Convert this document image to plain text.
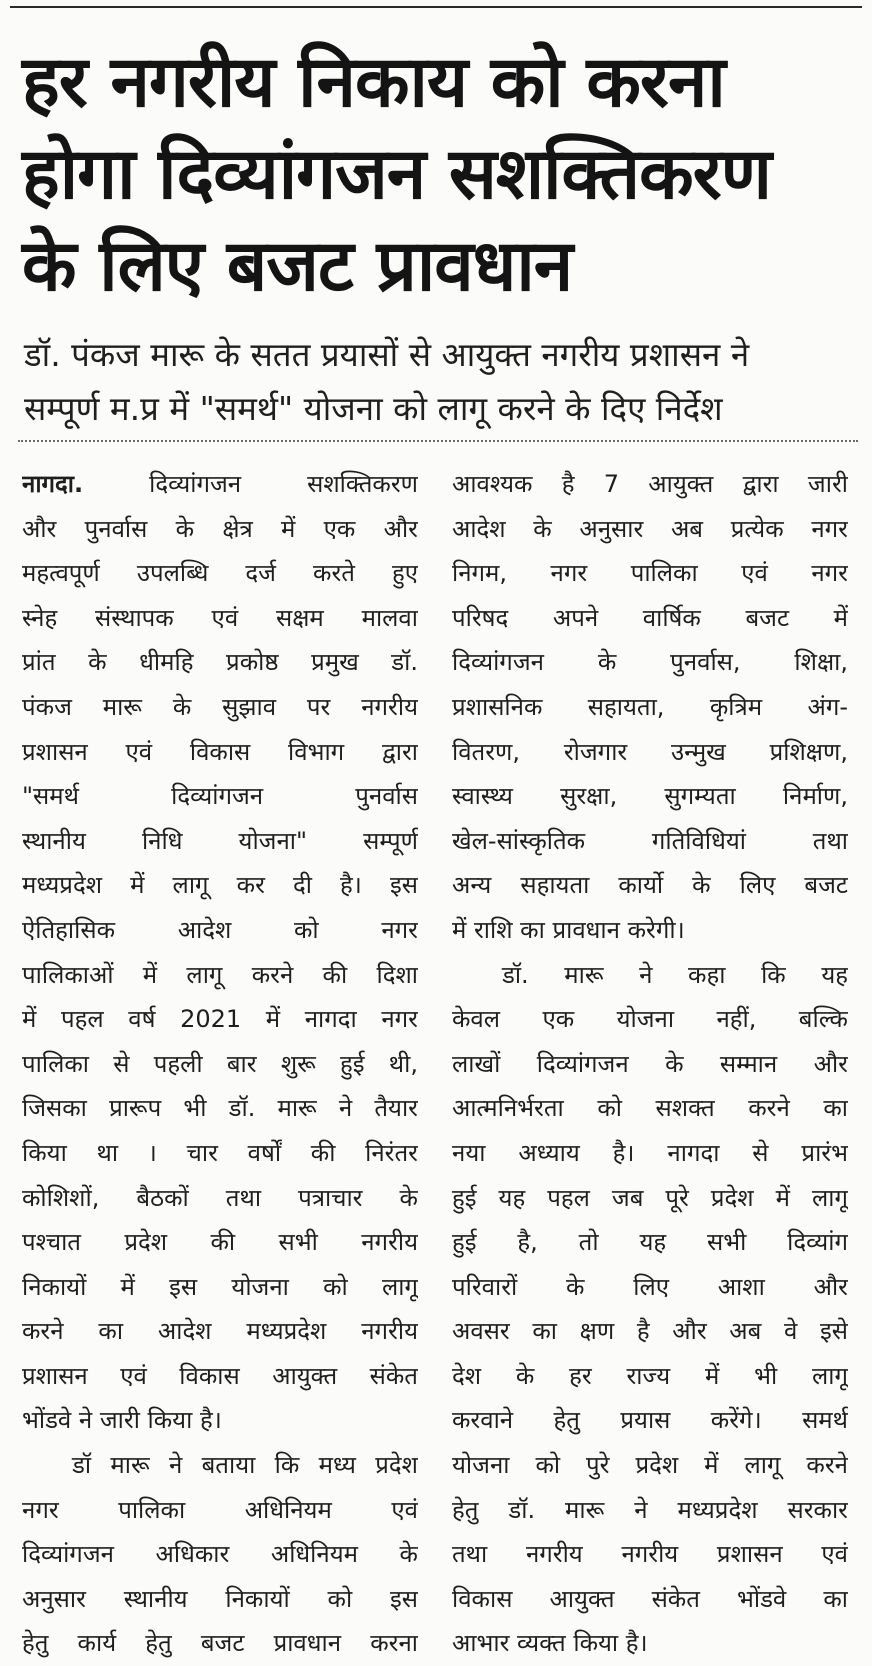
हर नगरीय निकाय को करना
होगा दिव्यांगजन सशक्तिकरण
के लिए बजट प्रावधान
डॉ. पंकज मारू के सतत प्रयासों से आयुक्त नगरीय प्रशासन ने
सम्पूर्ण म.प्र में "समर्थ" योजना को लागू करने के दिए निर्देश
नागदा. दिव्यांगजन सशक्तिकरण
और पुनर्वास के क्षेत्र में एक और
महत्वपूर्ण उपलब्धि दर्ज करते हुए
स्नेह संस्थापक एवं सक्षम मालवा
प्रांत के धीमहि प्रकोष्ठ प्रमुख डॉ.
पंकज मारू के सुझाव पर नगरीय
प्रशासन एवं विकास विभाग द्वारा
"समर्थ दिव्यांगजन पुनर्वास
स्थानीय निधि योजना" सम्पूर्ण
मध्यप्रदेश में लागू कर दी है। इस
ऐतिहासिक आदेश को नगर
पालिकाओं में लागू करने की दिशा
में पहल वर्ष 2021 में नागदा नगर
पालिका से पहली बार शुरू हुई थी,
जिसका प्रारूप भी डॉ. मारू ने तैयार
किया था । चार वर्षों की निरंतर
कोशिशों, बैठकों तथा पत्राचार के
पश्चात प्रदेश की सभी नगरीय
निकायों में इस योजना को लागू
करने का आदेश मध्यप्रदेश नगरीय
प्रशासन एवं विकास आयुक्त संकेत
भोंडवे ने जारी किया है।
डॉ मारू ने बताया कि मध्य प्रदेश
नगर पालिका अधिनियम एवं
दिव्यांगजन अधिकार अधिनियम के
अनुसार स्थानीय निकायों को इस
हेतु कार्य हेतु बजट प्रावधान करना
आवश्यक है 7 आयुक्त द्वारा जारी
आदेश के अनुसार अब प्रत्येक नगर
निगम, नगर पालिका एवं नगर
परिषद अपने वार्षिक बजट में
दिव्यांगजन के पुनर्वास, शिक्षा,
प्रशासनिक सहायता, कृत्रिम अंग-
वितरण, रोजगार उन्मुख प्रशिक्षण,
स्वास्थ्य सुरक्षा, सुगम्यता निर्माण,
खेल-सांस्कृतिक गतिविधियां तथा
अन्य सहायता कार्यो के लिए बजट
में राशि का प्रावधान करेगी।
डॉ. मारू ने कहा कि यह
केवल एक योजना नहीं, बल्कि
लाखों दिव्यांगजन के सम्मान और
आत्मनिर्भरता को सशक्त करने का
नया अध्याय है। नागदा से प्रारंभ
हुई यह पहल जब पूरे प्रदेश में लागू
हुई है, तो यह सभी दिव्यांग
परिवारों के लिए आशा और
अवसर का क्षण है और अब वे इसे
देश के हर राज्य में भी लागू
करवाने हेतु प्रयास करेंगे। समर्थ
योजना को पुरे प्रदेश में लागू करने
हेतु डॉ. मारू ने मध्यप्रदेश सरकार
तथा नगरीय नगरीय प्रशासन एवं
विकास आयुक्त संकेत भोंडवे का
आभार व्यक्त किया है।
